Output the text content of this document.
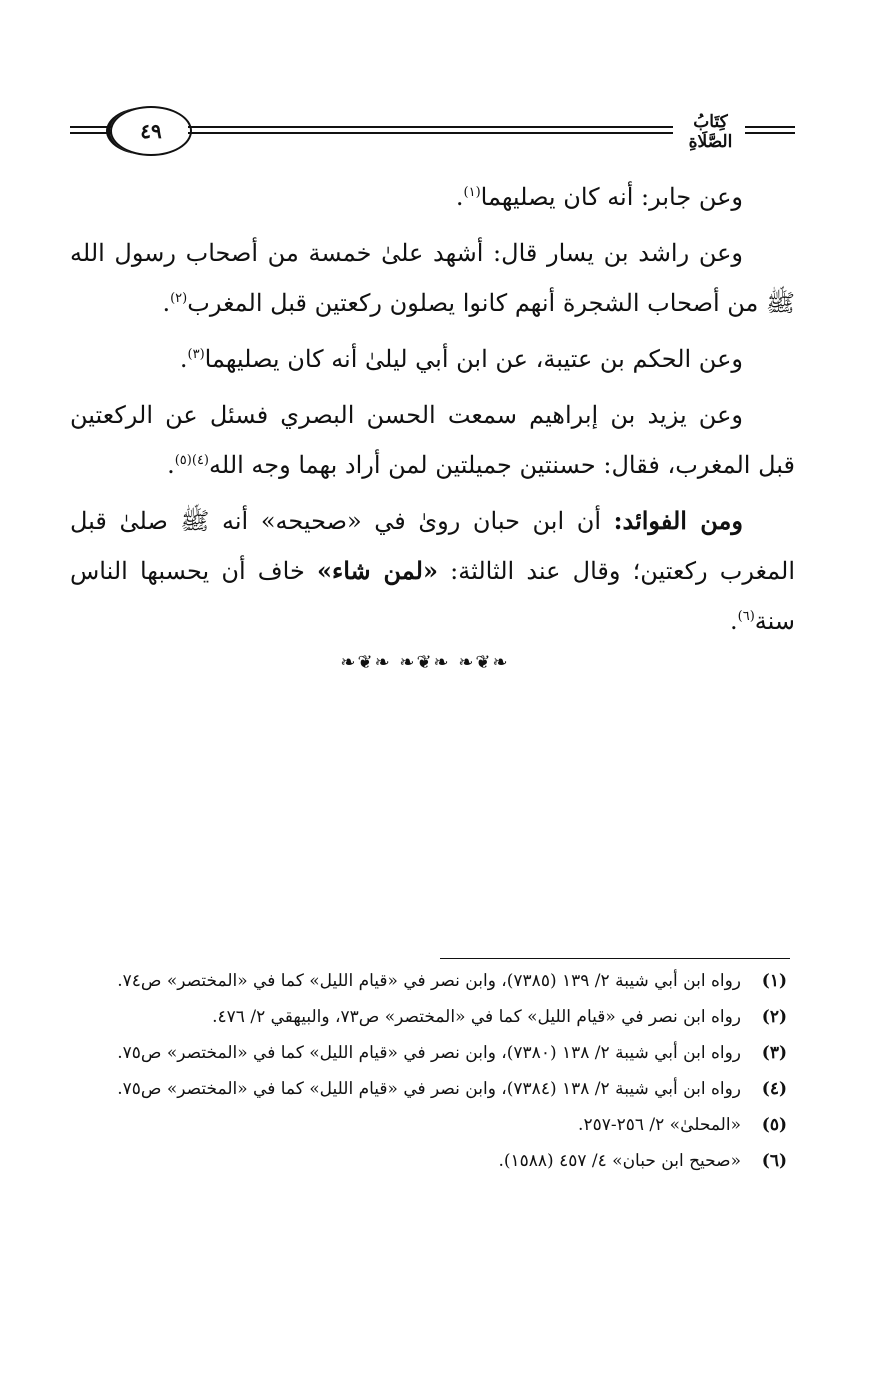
٤٩	كِتَابُ الصَّلَاةِ

وعن جابر: أنه كان يصليهما$^{(١)}$.

وعن راشد بن يسار قال: أشهد علىٰ خمسة من أصحاب رسول الله ﷺ من أصحاب الشجرة أنهم كانوا يصلون ركعتين قبل المغرب$^{(٢)}$.

وعن الحكم بن عتيبة، عن ابن أبي ليلىٰ أنه كان يصليهما$^{(٣)}$.

وعن يزيد بن إبراهيم سمعت الحسن البصري فسئل عن الركعتين قبل المغرب، فقال: حسنتين جميلتين لمن أراد بهما وجه الله$^{(٤)(٥)}$.

ومن الفوائد: أن ابن حبان روىٰ في «صحيحه» أنه ﷺ صلىٰ قبل المغرب ركعتين؛ وقال عند الثالثة: «لمن شاء» خاف أن يحسبها الناس سنة$^{(٦)}$.

❧❦❧ ❧❦❧ ❧❦❧
(١)
رواه ابن أبي شيبة ٢/ ١٣٩ (٧٣٨٥)، وابن نصر في «قيام الليل» كما في «المختصر» ص٧٤.
(٢)
رواه ابن نصر في «قيام الليل» كما في «المختصر» ص٧٣، والبيهقي ٢/ ٤٧٦.
(٣)
رواه ابن أبي شيبة ٢/ ١٣٨ (٧٣٨٠)، وابن نصر في «قيام الليل» كما في «المختصر» ص٧٥.
(٤)
رواه ابن أبي شيبة ٢/ ١٣٨ (٧٣٨٤)، وابن نصر في «قيام الليل» كما في «المختصر» ص٧٥.
(٥)
«المحلىٰ» ٢/ ٢٥٦-٢٥٧.
(٦)
«صحيح ابن حبان» ٤/ ٤٥٧ (١٥٨٨).
